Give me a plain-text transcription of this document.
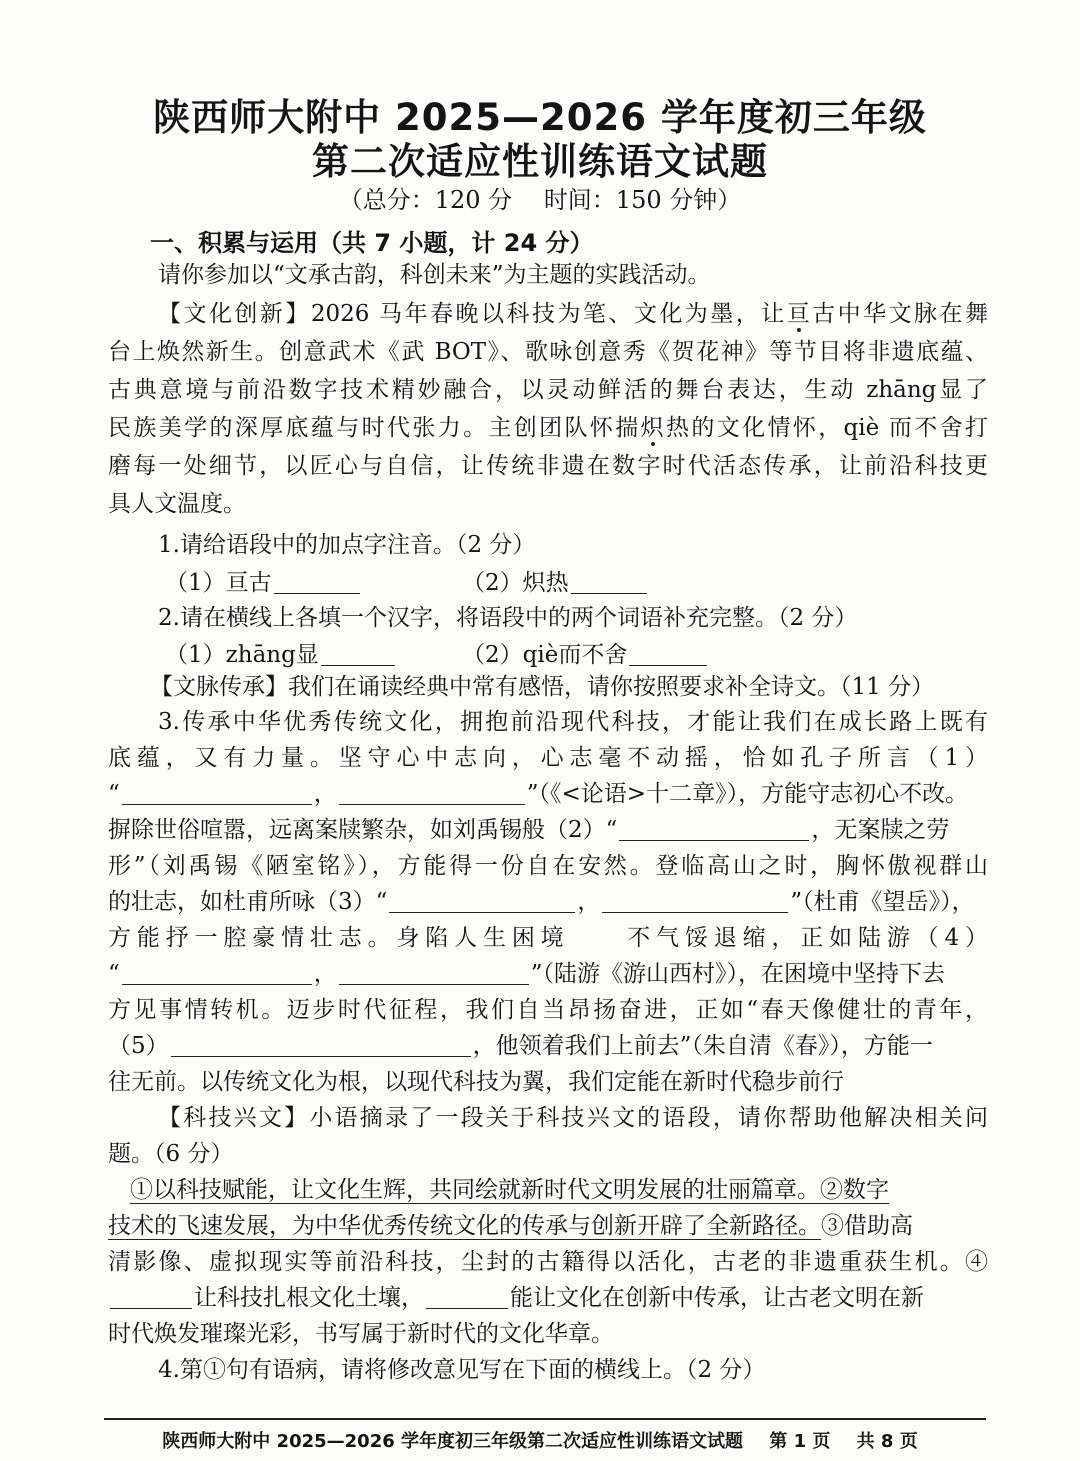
陕西师大附中 2025—2026 学年度初三年级
第二次适应性训练语文试题
（总分：120 分 时间：150 分钟）
一、积累与运用（共 7 小题，计 24 分）
请你参加以“文承古韵，科创未来”为主题的实践活动。
【文化创新】2026 马年春晚以科技为笔、文化为墨，让亘古中华文脉在舞
台上焕然新生。创意武术《武 BOT》、歌咏创意秀《贺花神》等节目将非遗底蕴、
古典意境与前沿数字技术精妙融合，以灵动鲜活的舞台表达，生动 zhāng显了
民族美学的深厚底蕴与时代张力。主创团队怀揣炽热的文化情怀，qiè 而不舍打
磨每一处细节，以匠心与自信，让传统非遗在数字时代活态传承，让前沿科技更
具人文温度。
1.请给语段中的加点字注音。（2 分）
（1）亘古	（2）炽热
2.请在横线上各填一个汉字，将语段中的两个词语补充完整。（2 分）
（1）zhāng显	（2）qiè而不舍
【文脉传承】我们在诵读经典中常有感悟，请你按照要求补全诗文。（11 分）
3.传承中华优秀传统文化，拥抱前沿现代科技，才能让我们在成长路上既有
底蕴，又有力量。坚守心中志向，心志毫不动摇，恰如孔子所言（1）
“	，	”（《<论语>十二章》），方能守志初心不改。
摒除世俗喧嚣，远离案牍繁杂，如刘禹锡般（2）“	，无案牍之劳
形”（刘禹锡《陋室铭》），方能得一份自在安然。登临高山之时，胸怀傲视群山
的壮志，如杜甫所咏（3）“	，	”（杜甫《望岳》），
方能抒一腔豪情壮志。身陷人生困境　　不气馁退缩，正如陆游（4）
“	，	”（陆游《游山西村》），在困境中坚持下去
方见事情转机。迈步时代征程，我们自当昂扬奋进，正如“春天像健壮的青年，
（5）	，他领着我们上前去”（朱自清《春》），方能一
往无前。以传统文化为根，以现代科技为翼，我们定能在新时代稳步前行
【科技兴文】小语摘录了一段关于科技兴文的语段，请你帮助他解决相关问
题。（6 分）
①以科技赋能，让文化生辉，共同绘就新时代文明发展的壮丽篇章。②数字
技术的飞速发展，为中华优秀传统文化的传承与创新开辟了全新路径。③借助高
清影像、虚拟现实等前沿科技，尘封的古籍得以活化，古老的非遗重获生机。④
让科技扎根文化土壤，	能让文化在创新中传承，让古老文明在新
时代焕发璀璨光彩，书写属于新时代的文化华章。
4.第①句有语病，请将修改意见写在下面的横线上。（2 分）
陕西师大附中 2025—2026 学年度初三年级第二次适应性训练语文试题 第 1 页 共 8 页
